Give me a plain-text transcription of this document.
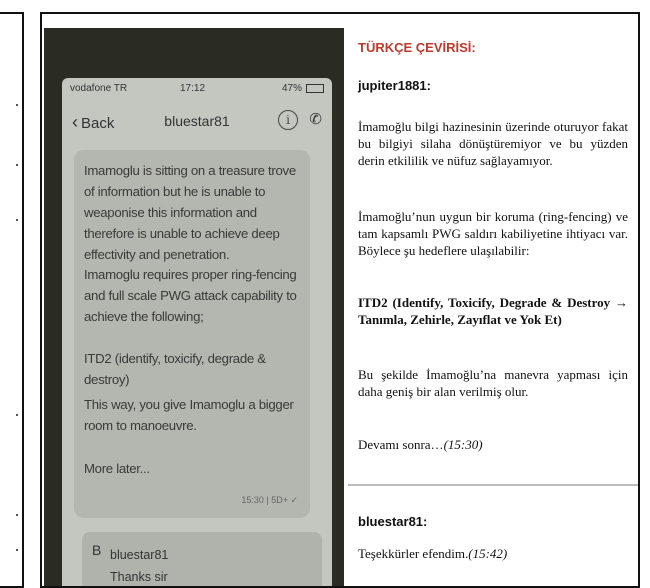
vodafone TR	17:12	47%
‹ Back	bluestar81	i	✆
Imamoglu is sitting on a treasure trove of information but he is unable to weaponise this information and therefore is unable to achieve deep effectivity and penetration.
Imamoglu requires proper ring-fencing and full scale PWG attack capability to achieve the following;
ITD2 (identify, toxicify, degrade & destroy)
This way, you give Imamoglu a bigger room to manoeuvre.
More later...
15:30 | 5D+ ✓
B bluestar81
Thanks sir
TÜRKÇE ÇEVİRİSİ:
jupiter1881:
İmamoğlu bilgi hazinesinin üzerinde oturuyor fakat bu bilgiyi silaha dönüştüremiyor ve bu yüzden derin etkililik ve nüfuz sağlayamıyor.
İmamoğlu’nun uygun bir koruma (ring-fencing) ve tam kapsamlı PWG saldırı kabiliyetine ihtiyacı var. Böylece şu hedeflere ulaşılabilir:
ITD2 (Identify, Toxicify, Degrade & Destroy → Tanımla, Zehirle, Zayıflat ve Yok Et)
Bu şekilde İmamoğlu’na manevra yapması için daha geniş bir alan verilmiş olur.
Devamı sonra…(15:30)
bluestar81:
Teşekkürler efendim.(15:42)
